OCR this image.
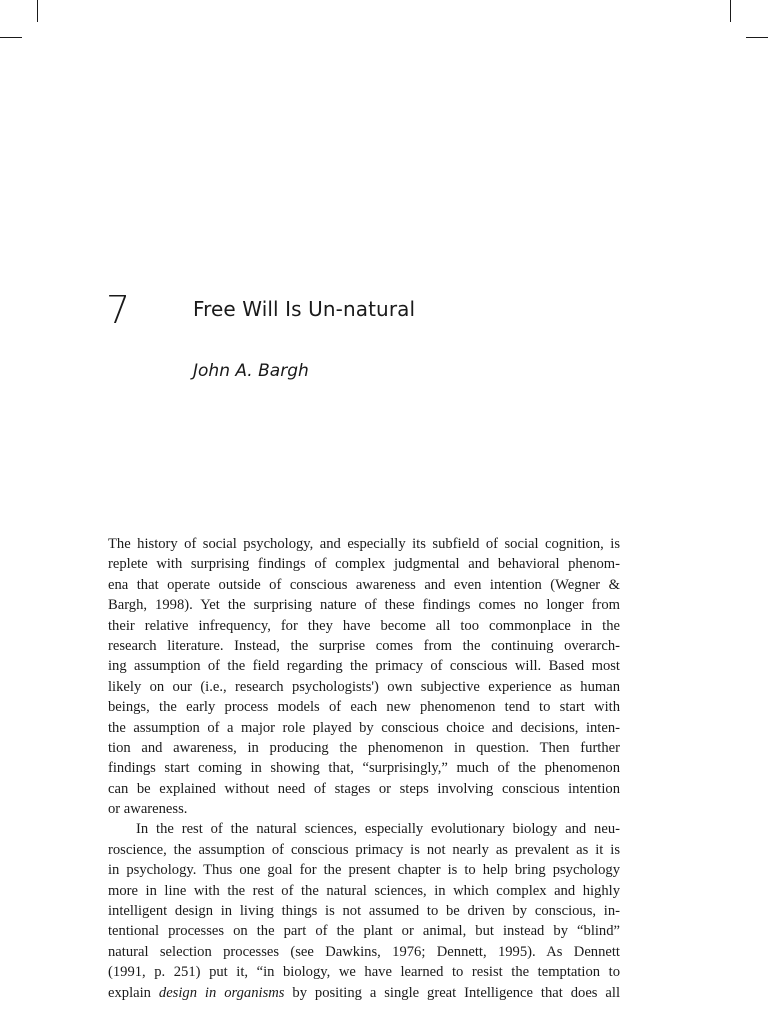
7	Free Will Is Un-natural
John A. Bargh
The history of social psychology, and especially its subfield of social cognition, is
replete with surprising findings of complex judgmental and behavioral phenom-
ena that operate outside of conscious awareness and even intention (Wegner &
Bargh, 1998). Yet the surprising nature of these findings comes no longer from
their relative infrequency, for they have become all too commonplace in the
research literature. Instead, the surprise comes from the continuing overarch-
ing assumption of the field regarding the primacy of conscious will. Based most
likely on our (i.e., research psychologists') own subjective experience as human
beings, the early process models of each new phenomenon tend to start with
the assumption of a major role played by conscious choice and decisions, inten-
tion and awareness, in producing the phenomenon in question. Then further
findings start coming in showing that, “surprisingly,” much of the phenomenon
can be explained without need of stages or steps involving conscious intention
or awareness.
In the rest of the natural sciences, especially evolutionary biology and neu-
roscience, the assumption of conscious primacy is not nearly as prevalent as it is
in psychology. Thus one goal for the present chapter is to help bring psychology
more in line with the rest of the natural sciences, in which complex and highly
intelligent design in living things is not assumed to be driven by conscious, in-
tentional processes on the part of the plant or animal, but instead by “blind”
natural selection processes (see Dawkins, 1976; Dennett, 1995). As Dennett
(1991, p. 251) put it, “in biology, we have learned to resist the temptation to
explain design in organisms by positing a single great Intelligence that does all
